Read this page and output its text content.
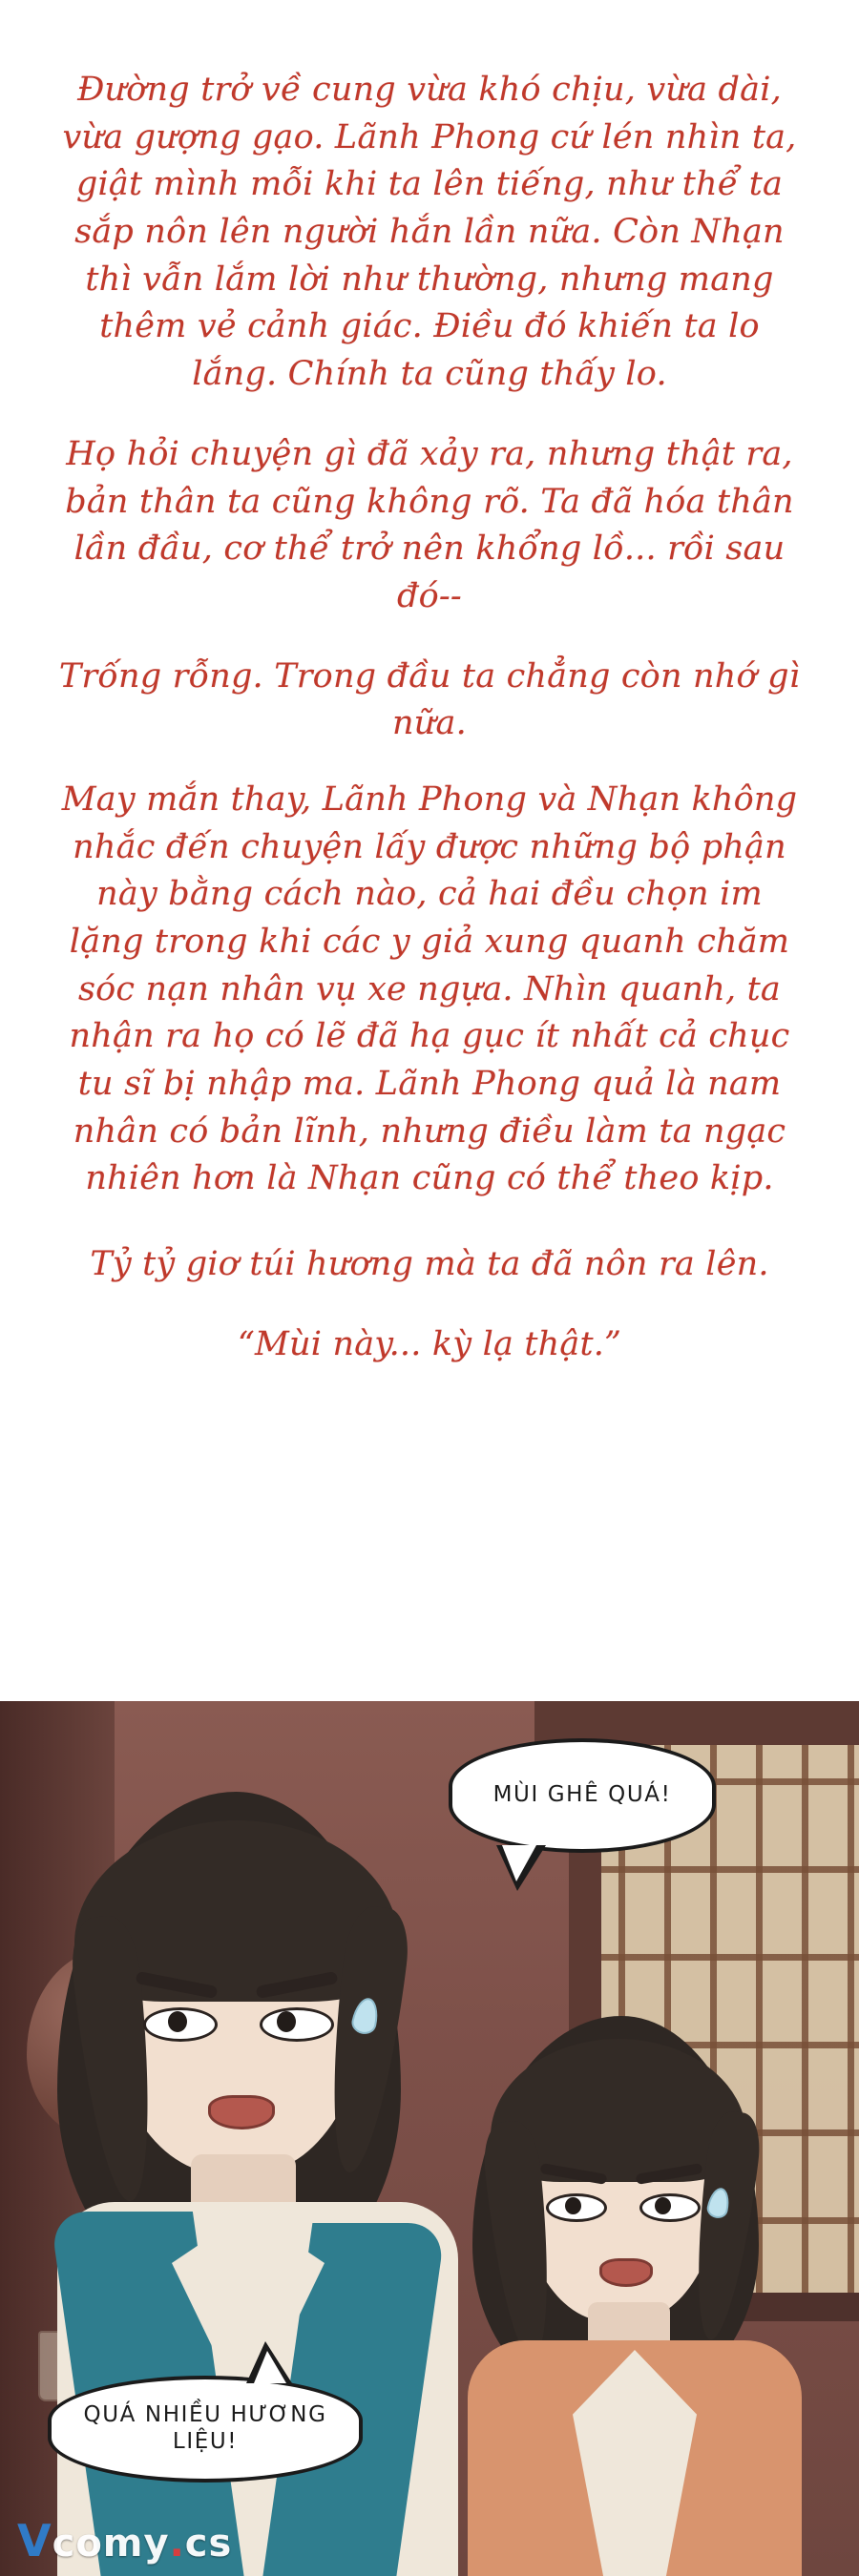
Đường trở về cung vừa khó chịu, vừa dài, vừa gượng gạo. Lãnh Phong cứ lén nhìn ta, giật mình mỗi khi ta lên tiếng, như thể ta sắp nôn lên người hắn lần nữa. Còn Nhạn thì vẫn lắm lời như thường, nhưng mang thêm vẻ cảnh giác. Điều đó khiến ta lo lắng. Chính ta cũng thấy lo.

Họ hỏi chuyện gì đã xảy ra, nhưng thật ra, bản thân ta cũng không rõ. Ta đã hóa thân lần đầu, cơ thể trở nên khổng lồ... rồi sau đó--

Trống rỗng. Trong đầu ta chẳng còn nhớ gì nữa.

May mắn thay, Lãnh Phong và Nhạn không nhắc đến chuyện lấy được những bộ phận này bằng cách nào, cả hai đều chọn im lặng trong khi các y giả xung quanh chăm sóc nạn nhân vụ xe ngựa. Nhìn quanh, ta nhận ra họ có lẽ đã hạ gục ít nhất cả chục tu sĩ bị nhập ma. Lãnh Phong quả là nam nhân có bản lĩnh, nhưng điều làm ta ngạc nhiên hơn là Nhạn cũng có thể theo kịp.

Tỷ tỷ giơ túi hương mà ta đã nôn ra lên.

“Mùi này... kỳ lạ thật.”

MÙI GHÊ QUÁ!
QUÁ NHIỀU HƯƠNG LIỆU!
V comy . cs
